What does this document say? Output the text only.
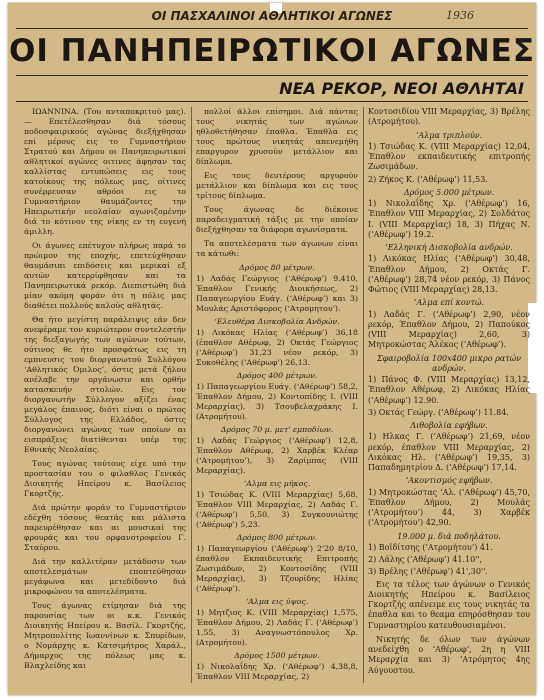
ΟΙ ΠΑΣΧΑΛΙΝΟΙ ΑΘΛΗΤΙΚΟΙ ΑΓΩΝΕΣ	1936
ΟΙ ΠΑΝΗΠΕΙΡΩΤΙΚΟΙ ΑΓΩΝΕΣ
ΝΕΑ ΡΕΚΟΡ, ΝΕΟΙ ΑΘΛΗΤΑΙ

ΙΩΑΝΝΙΝΑ. (Του ανταποκριτού μας). — Επετέλεσθησαν διά τόσους ποδοσφαιρικούς αγώνας διεξήχθησαν επί μέρους εις το Γυμναστήριον Στρατού και Δήμου οι Πανηπειρωτικοί αθλητικοί αγώνες οιτινες άφησαν τας καλλίστας εντυπώσεις εις τους κατοίκους της πόλεως μας, οίτινες συνέρρευσαν αθρόοι εις το Γυμναστήριον θαυμάζοντες την Ηπειρωτικήν νεολαίαν αγωνιζομένην διά το κότινον της νίκης εν τη ευγενή άμιλλη.

Οι άγωνες επέτυχον πλήρως παρά το πρώιμον της εποχής, επετεύχθησαν θαυμάσιαι επιδόσεις και μερικαί εξ αυτών κατερρίφθησαν και τα Πανηπειρωτικά ρεκόρ. Διεπιστώθη διά μίαν ακόμη φοράν ότι η πόλις μας διαθέτει πολλούς καλούς αθλητάς.

Θα ήτο μεγίστη παράλειψις εάν δεν ανεφέραμε τον κυριώτερον συντελεστήν της διεξαγωγής των αγώνων τούτων, ούτινος θε ήτο προσφάτως εις τη εμπνευσις του διοργανωτού Συλλόγου ‘Αθλητικός Όμιλος’, όστις μετά ζήλου ανέλαβε την οργάνωσιν και ορθήν κατασκευήν στολών. Εις τον διοργανωτήν Σύλλογον αξίζει ένας μεγάλος έπαινος, διότι είναι ο πρώτος Σύλλογος της Ελλάδος, όστις διοργανώνει αγώνας των οποίων αι εισπράξεις διατίθενται υπέρ της Εθνικής Νεολαίας.

Τους αγώνας τούτους είχε υπό την προστασίαν του ο φιλαθλος Γενικός Διοικητής Ηπείρου κ. Βασίλειος Γκορτζής.

Διά πρώτην φοράν το Γυμναστήριον εδέχθη τόσους θεατάς και μάλιστα παρευρέθησαν και αι μουσικαί της φρουράς και του ορφανοτροφείου Γ. Σταύρου.

Διά την καλλιτέραν μετάδοσιν των αποτελεσμάτων εποπτεύθησαν μεγάφωνα και μετεδίδοντο διά μικροφώνου τα αποτελέσματα.

Τους άγωνας ετίμησαν διά της παρουσίας των οι κ.κ. Γενικός Διοικητής Ηπείρου κ. Βασίλ. Γκορτζής, Μητροπολίτης Ιωαννίνων κ. Σπυρίδων, ο Νομάρχης κ. Κατσιμήτρος Χαράλ., Δήμαρχος της πόλεως μας κ. Βλαχλείδης και

πολλοί άλλοι επίσημοι. Διά πάντας τους νικητάς των αγώνων ηθλοθετήθησαν έπαθλα. Έπαθλα εις τους πρώτους νικητάς απενεμήθη επαργυρον χρυσούν μετάλλιον και δίπλωμα.

Εις τους δευτέρους αργυρούν μετάλλιον και δίπλωμα και εις τους τρίτους δίπλωμα.

Τους άγωνας δε διέκοινε παραδειγματική τάξις με την οποίαν διεξήχθησαν τα διάφορα αγωνίσματα.

Τα αποτελέσματα των άγωνων είναι τα κάτωθι:

Δρόμος 80 μέτρων.

1) Λαδάς Γεώργιος (‘Αθέρωφ’) 9.410, Έπαθλον Γενικής Διοικήσεως, 2) Παπαγεωργίου Ευάγ. (‘Αθέρωφ’) και 3) Μουλάς Αριστόφορος (‘Ατρομητου’).

‘Ελευθέρα Δισκοβολία Ανδρών.

1) Λικόκας Ηλίας (‘Αθέρωφ’) 36,18 (έπαθλον Αθέρωφ, 2) Οκτάς Γεώργιος (‘Αθέρωφ’) 31,23 νέον ρεκόρ, 3) Συκοθέλης (‘Αθέρωφ’) 26,13.

Δρόμος 400 μέτρων.

1) Παπαγεωργίου Ευάγ. (‘Αθέρωφ’) 58,2, Έπαθλον Δήμου, 2) Κοντοπίδης Ι. (VIII Μεραρχίας), 3) Τσουβελαχράκης Ι. (Ατρομήτου).

Δρόμος 70 μ. μετ' εμποδίων.

1) Λαδάς Γεώργιος (‘Αθέρωφ’) 12,8, Έπαθλον Αθέρωφ, 2) Χαρβέκ Κλέαρ (‘Ατρομήτου’), 3) Ζαρίμπας (VIII Μεραρχίας).

‘Αλμα εις μήκος.

1) Τσιώδας Κ. (VIII Μεραρχίας) 5,68, Έπαθλον VIII Μεραρχίας, 2) Λαδάς Γ. (‘Αθέρωφ’) 5,50, 3) Συγκουνιώτης (‘Αθέρωφ’) 5,23.

Δρόμος 800 μέτρων.

1) Παπαγεωργίου (‘Αθέρωφ’) 2'20 8/10, έπαθλον Εκπαιδευτικής Επιτροπής Ζωσιμάδων, 2) Κοντοσίδης (VIII Μεραρχίας), 3) Τζουρίδης Ηλίας (‘Αθέρωφ’).

‘Αλμα εις ύψος.

1) Μητζιος Κ. (VIII Μεραρχίας) 1,575, Έπαθλον Δήμου, 2) Λαδάς Γ. (‘Αθέρωφ’) 1,55, 3) Αναγνωστόπουλος Χρ. (Ατρομήτου).

Δρόμος 1500 μέτρων.

1) Νικολαΐδης Χρ. (‘Αθέρωφ’) 4,38,8, Έπαθλον VIII Μεραρχίας, 2)

Κοντοσιδίου VIII Μεραρχίας, 3) Βρέλης (Ατρομήτου).

‘Αλμα τριπλούν.

1) Τσιώδας Κ. (VIII Μεραρχίας) 12,04, Έπαθλον εκπαιδευτικής επιτροπής Ζωσιμάδων.

2) Ζήκος Κ. (‘Αθέρωφ’) 11,53.

Δρόμος 5.000 μέτρων.

1) Νικολαΐδης Χρ. (‘Αθέρωφ’) 16, Έπαθλον VIII Μεραρχίας, 2) Σολδάτος Ι. (VIII Μεραρχίας) 18, 3) Πήχας Ν. (‘Αθέρωφ’) 19.2.

‘Ελληνική Δισκοβολία ανδρών.

1) Λικόκας Ηλίας (‘Αθέρωφ’) 30,48, Έπαθλον Δήμου, 2) Οκτάς Γ. (‘Αθέρωφ’) 28,74 νέον ρεκόρ, 3) Πάνος Φώτιος (VIII Μεραρχίας) 28,13.

‘Αλμα επί κοντώ.

1) Λαδάς Γ. (‘Αθέρωφ’) 2,90, νέον ρεκόρ, Έπαθλον Δήμου, 2) Παπούκος (VIII Μεραρχίας) 2,60, 3) Μητροκώστας Άλέκος (‘Αθέρωφ’).

Σφαιροβολία 100x400 μικρο ρατών ανδρών.

1) Πάνος Φ. (VIII Μεραρχίας) 13,12, Έπαθλον Αθέρωφ, 2) Λικόκας Ηλίας (‘Αθέρωφ’) 12.90.

3) Οκτάς Γεώργ. (‘Αθέρωφ’) 11.84.

Λιθοβολία εφήβων.

1) Ηλκας Γ. (‘Αθέρωφ’) 21,69, νέον ρεκόρ, έπαθλον VIII Μεραρχίας, 2) Λικόκας Ηλ. (‘Αθέρωφ’) 19,35, 3) Παπαδημητρίου Δ. (‘Αθέρωφ’) 17,14.

‘Ακοντισμός εφήβων.

1) Μητροκώστας ‘Αλ. (‘Αθέρωφ’) 45,70, Έπαθλον Δήμου, 2) Μουλάς (‘Ατρομήτου’) 44, 3) Χαρβέκ (‘Ατρομήτου’) 42,90.

19.000 μ. διά ποδηλάτου.

1) Βοϊδίτσης (‘Ατρομήτου’) 41.

2) Λάλης (‘Αθέρωφ’) 41.10'',

3) Βρέλης (‘Αθέρωφ’) 41',30''.

Εις τα τέλος των άγώνων ο Γενικός Διοικητής Ηπείρου κ. Βασίλειος Γκορτζής απένειμε εις τους νικητάς τα έπαθλα και το θεαμα επηρόσθησαν του Γυμναστηρίου κατευθουσιαμένοι.

Νικητής δε όλων των άγώνων ανεδείχθη ο ‘Αθέρωφ’, 2η η VIII Μεραρχία και 3) ‘Ατρόμητος 4ης Αύγουστου.
